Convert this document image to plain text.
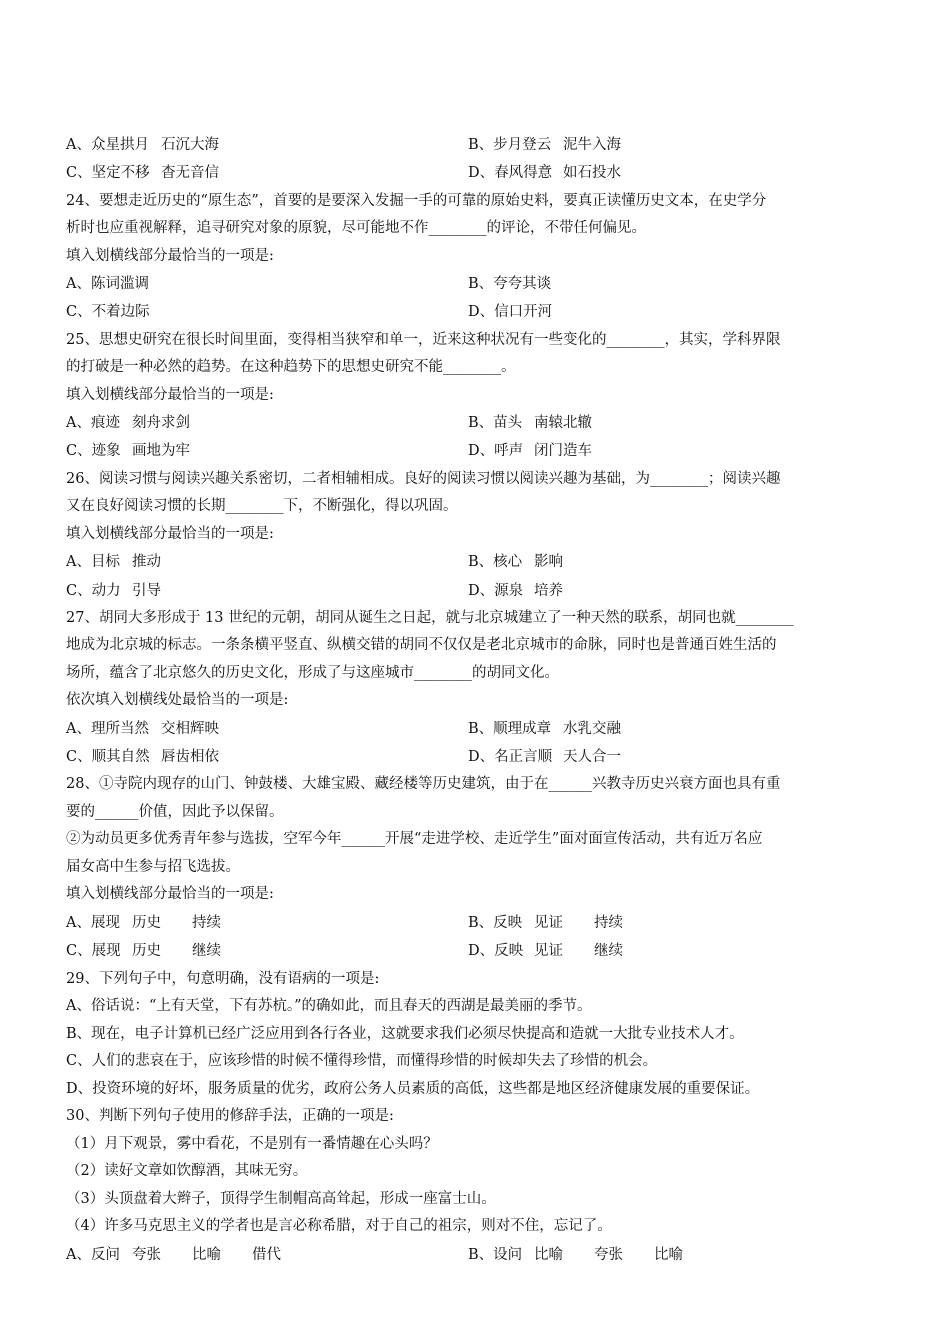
A、众星拱月 石沉大海	B、步月登云 泥牛入海
C、坚定不移 杳无音信	D、春风得意 如石投水
24、要想走近历史的“原生态”，首要的是要深入发掘一手的可靠的原始史料，要真正读懂历史文本，在史学分
析时也应重视解释，追寻研究对象的原貌，尽可能地不作________的评论，不带任何偏见。
填入划横线部分最恰当的一项是:
A、陈词滥调	B、夸夸其谈
C、不着边际	D、信口开河
25、思想史研究在很长时间里面，变得相当狭窄和单一，近来这种状况有一些变化的________，其实，学科界限
的打破是一种必然的趋势。在这种趋势下的思想史研究不能________。
填入划横线部分最恰当的一项是:
A、痕迹 刻舟求剑	B、苗头 南辕北辙
C、迹象 画地为牢	D、呼声 闭门造车
26、阅读习惯与阅读兴趣关系密切，二者相辅相成。良好的阅读习惯以阅读兴趣为基础，为________；阅读兴趣
又在良好阅读习惯的长期________下，不断强化，得以巩固。
填入划横线部分最恰当的一项是:
A、目标 推动	B、核心 影响
C、动力 引导	D、源泉 培养
27、胡同大多形成于 13 世纪的元朝，胡同从诞生之日起，就与北京城建立了一种天然的联系，胡同也就________
地成为北京城的标志。一条条横平竖直、纵横交错的胡同不仅仅是老北京城市的命脉，同时也是普通百姓生活的
场所，蕴含了北京悠久的历史文化，形成了与这座城市________的胡同文化。
依次填入划横线处最恰当的一项是:
A、理所当然 交相辉映	B、顺理成章 水乳交融
C、顺其自然 唇齿相依	D、名正言顺 天人合一
28、①寺院内现存的山门、钟鼓楼、大雄宝殿、藏经楼等历史建筑，由于在______兴教寺历史兴衰方面也具有重
要的______价值，因此予以保留。
②为动员更多优秀青年参与选拔，空军今年______开展“走进学校、走近学生”面对面宣传活动，共有近万名应
届女高中生参与招飞选拔。
填入划横线部分最恰当的一项是:
A、展现 历史 持续	B、反映 见证 持续
C、展现 历史 继续	D、反映 见证 继续
29、下列句子中，句意明确，没有语病的一项是:
A、俗话说：“上有天堂，下有苏杭。”的确如此，而且春天的西湖是最美丽的季节。
B、现在，电子计算机已经广泛应用到各行各业，这就要求我们必须尽快提高和造就一大批专业技术人才。
C、人们的悲哀在于，应该珍惜的时候不懂得珍惜，而懂得珍惜的时候却失去了珍惜的机会。
D、投资环境的好坏，服务质量的优劣，政府公务人员素质的高低，这些都是地区经济健康发展的重要保证。
30、判断下列句子使用的修辞手法，正确的一项是:
（1）月下观景，雾中看花，不是别有一番情趣在心头吗？
（2）读好文章如饮醇酒，其味无穷。
（3）头顶盘着大辫子，顶得学生制帽高高耸起，形成一座富士山。
（4）许多马克思主义的学者也是言必称希腊，对于自己的祖宗，则对不住，忘记了。
A、反问 夸张 比喻 借代	B、设问 比喻 夸张 比喻
